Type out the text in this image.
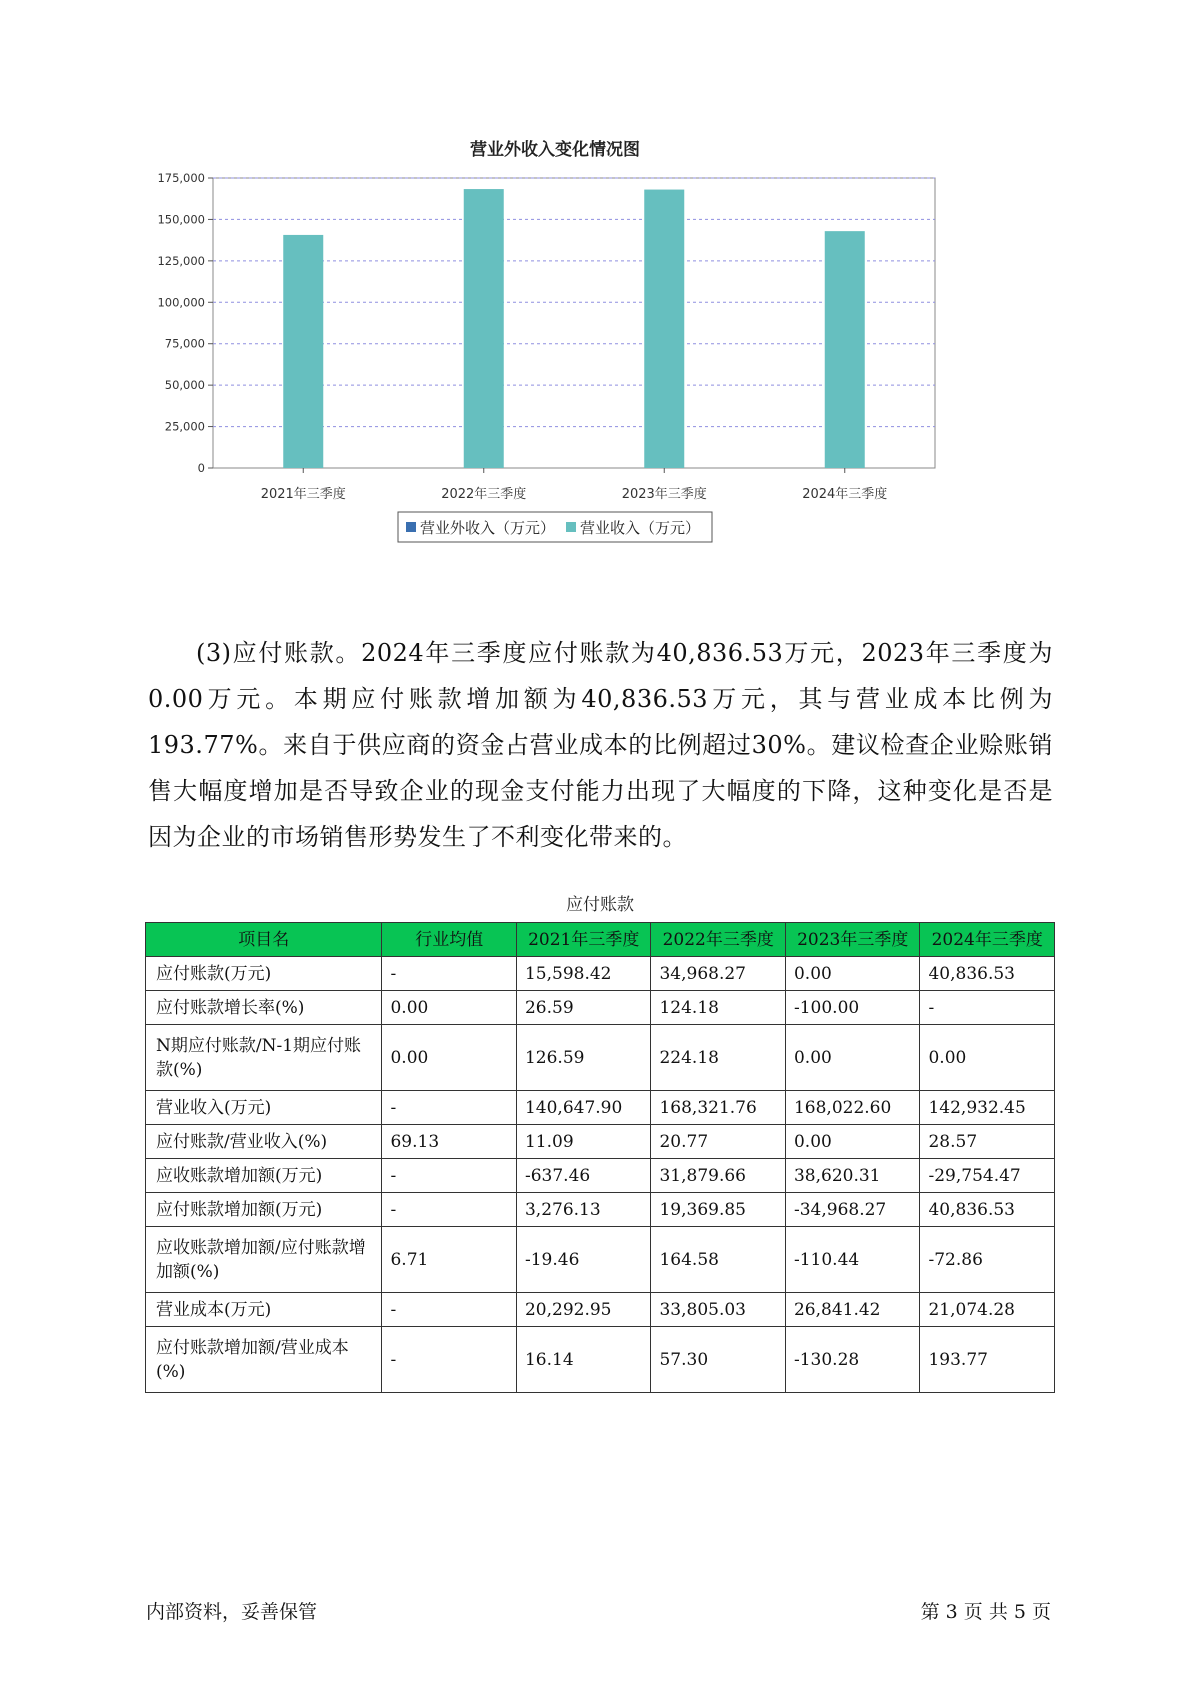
营业外收入变化情况图
0
25,000
50,000
75,000
100,000
125,000
150,000
175,000
2021年三季度	2022年三季度	2023年三季度	2024年三季度
营业外收入（万元） 营业收入（万元）

(3)应付账款。2024年三季度应付账款为40,836.53万元，2023年三季度为0.00万元。本期应付账款增加额为40,836.53万元，其与营业成本比例为193.77%。来自于供应商的资金占营业成本的比例超过30%。建议检查企业赊账销售大幅度增加是否导致企业的现金支付能力出现了大幅度的下降，这种变化是否是因为企业的市场销售形势发生了不利变化带来的。

应付账款
项目名	行业均值	2021年三季度	2022年三季度	2023年三季度	2024年三季度
应付账款(万元)	-	15,598.42	34,968.27	0.00	40,836.53
应付账款增长率(%)	0.00	26.59	124.18	-100.00	-
N期应付账款/N-1期应付账款(%)	0.00	126.59	224.18	0.00	0.00
营业收入(万元)	-	140,647.90	168,321.76	168,022.60	142,932.45
应付账款/营业收入(%)	69.13	11.09	20.77	0.00	28.57
应收账款增加额(万元)	-	-637.46	31,879.66	38,620.31	-29,754.47
应付账款增加额(万元)	-	3,276.13	19,369.85	-34,968.27	40,836.53
应收账款增加额/应付账款增加额(%)	6.71	-19.46	164.58	-110.44	-72.86
营业成本(万元)	-	20,292.95	33,805.03	26,841.42	21,074.28
应付账款增加额/营业成本(%)	-	16.14	57.30	-130.28	193.77
内部资料，妥善保管	第 3 页 共 5 页
